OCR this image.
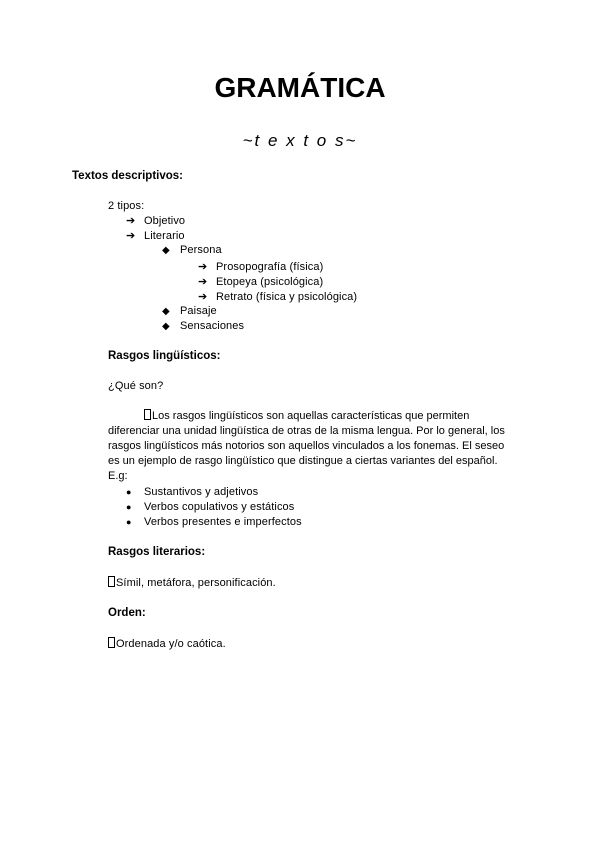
GRAMÁTICA
~t e x t o s~
Textos descriptivos:
2 tipos:
➔ Objetivo
➔ Literario
◆ Persona
➔ Prosopografía (física)
➔ Etopeya (psicológica)
➔ Retrato (física y psicológica)
◆ Paisaje
◆ Sensaciones
Rasgos lingüísticos:
¿Qué son?
Los rasgos lingüísticos son aquellas características que permiten diferenciar una unidad lingüística de otras de la misma lengua. Por lo general, los rasgos lingüísticos más notorios son aquellos vinculados a los fonemas. El seseo es un ejemplo de rasgo lingüístico que distingue a ciertas variantes del español. E.g:
● Sustantivos y adjetivos
● Verbos copulativos y estáticos
● Verbos presentes e imperfectos
Rasgos literarios:
Símil, metáfora, personificación.
Orden:
Ordenada y/o caótica.
